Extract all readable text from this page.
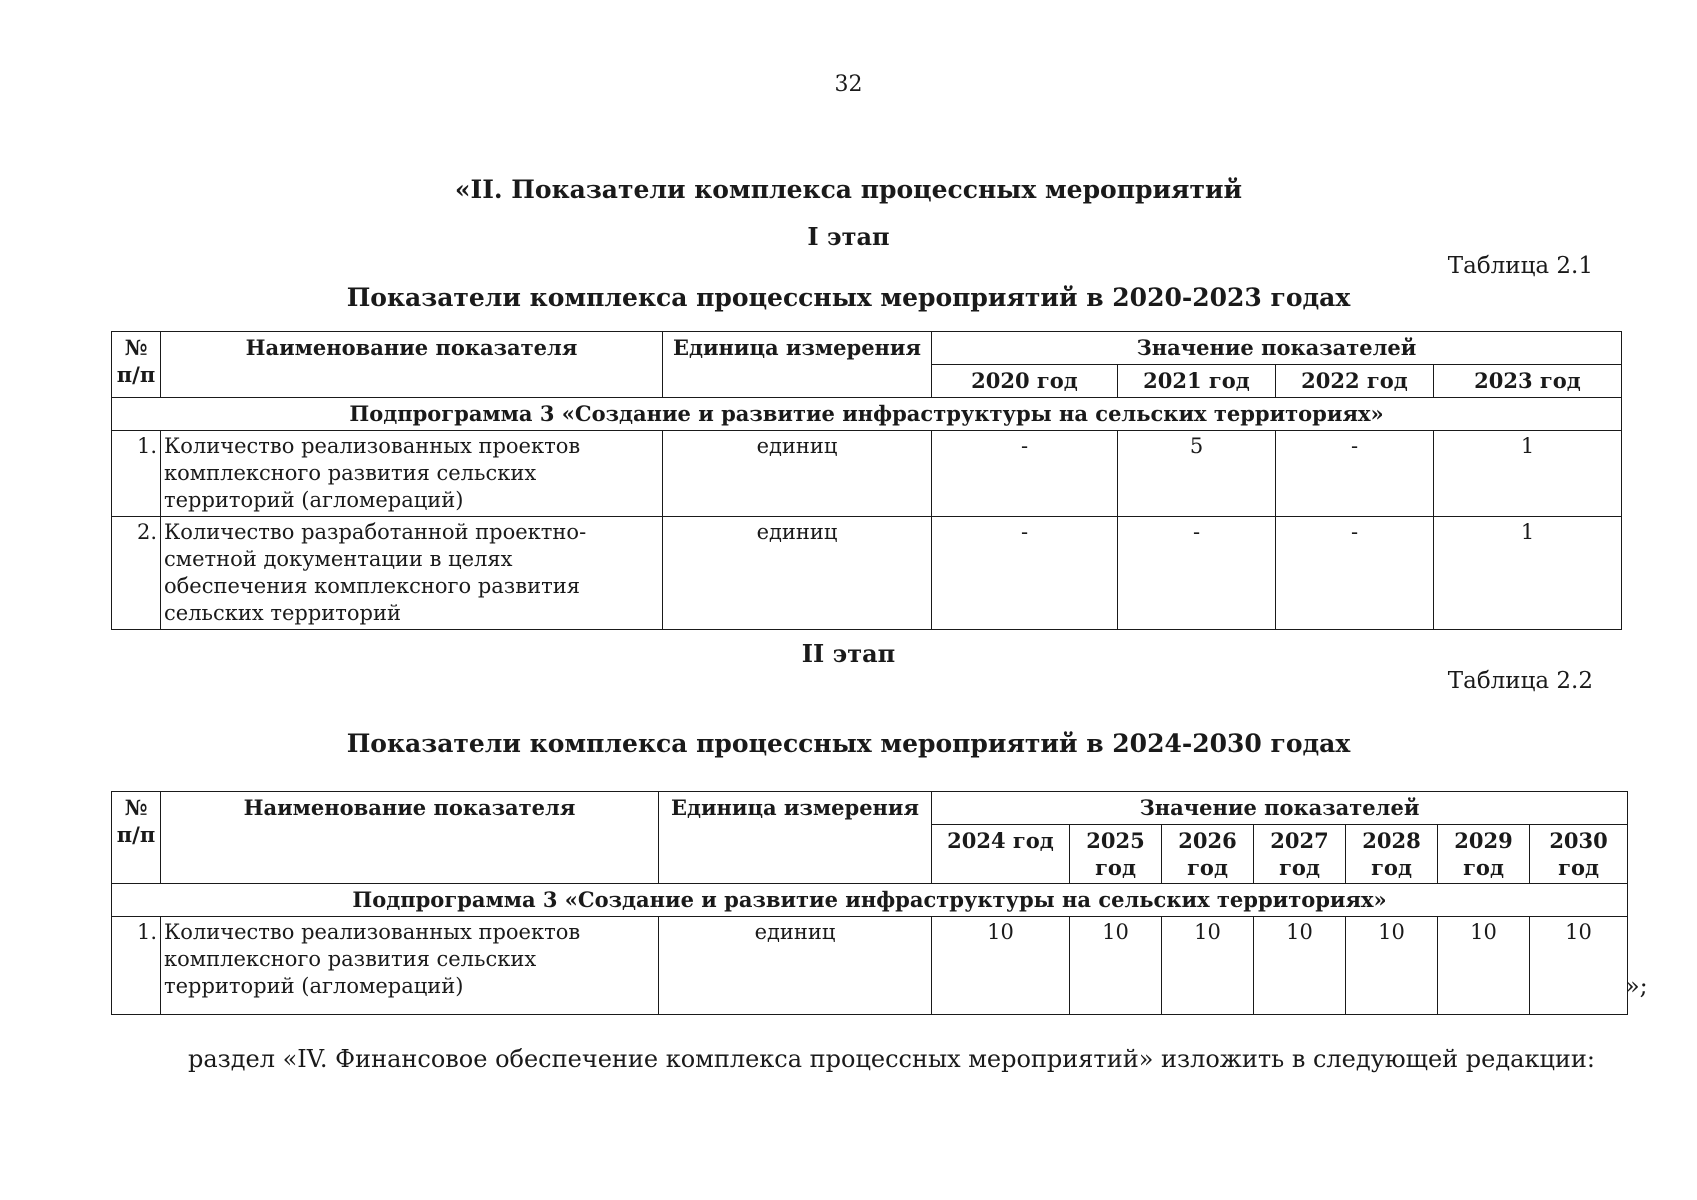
32
«II. Показатели комплекса процессных мероприятий
I этап
Таблица 2.1
Показатели комплекса процессных мероприятий в 2020-2023 годах
№ п/п	Наименование показателя	Единица измерения	Значение показателей			
			2020 год	2021 год	2022 год	2023 год
Подпрограмма 3 «Создание и развитие инфраструктуры на сельских территориях»						
1.	Количество реализованных проектов комплексного развития сельских территорий (агломераций)	единиц	-	5	-	1
2.	Количество разработанной проектно-сметной документации в целях обеспечения комплексного развития сельских территорий	единиц	-	-	-	1
II этап
Таблица 2.2
Показатели комплекса процессных мероприятий в 2024-2030 годах
№ п/п	Наименование показателя	Единица измерения	Значение показателей						
			2024 год	2025 год	2026 год	2027 год	2028 год	2029 год	2030 год
Подпрограмма 3 «Создание и развитие инфраструктуры на сельских территориях»									
1.	Количество реализованных проектов комплексного развития сельских территорий (агломераций)	единиц	10	10	10	10	10	10	10
»;
раздел «IV. Финансовое обеспечение комплекса процессных мероприятий» изложить в следующей редакции:
